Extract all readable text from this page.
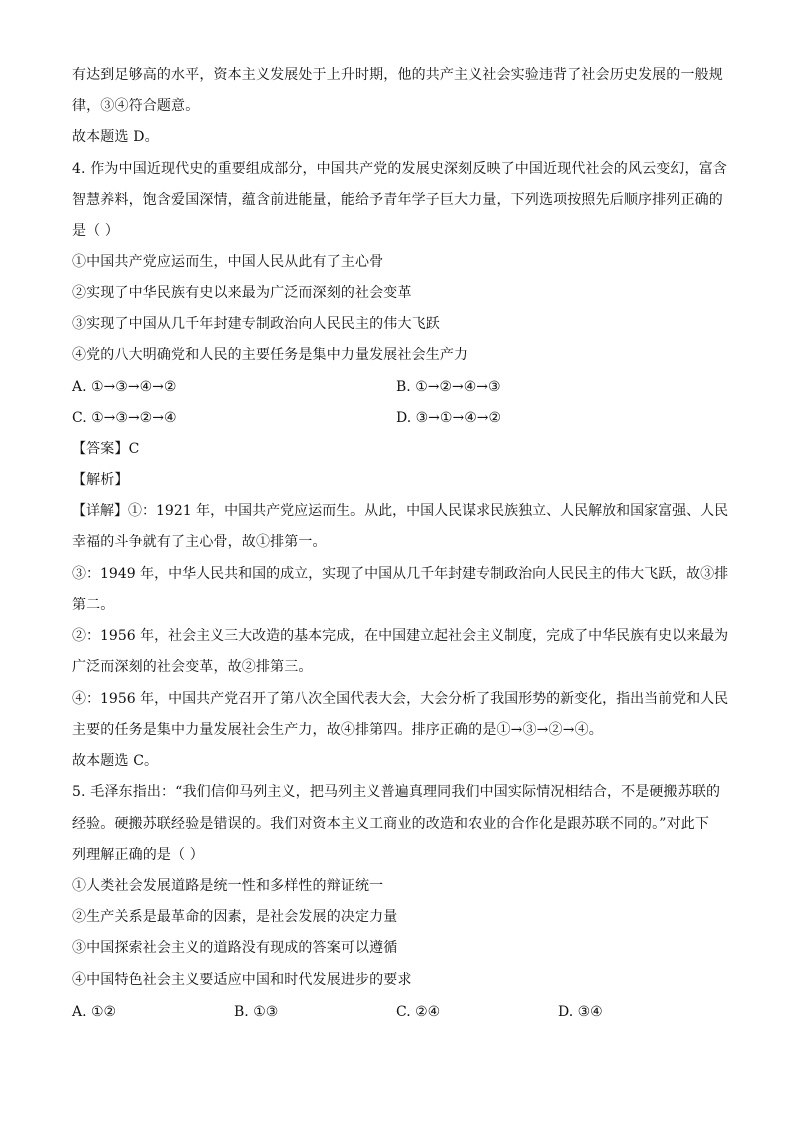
有达到足够高的水平，资本主义发展处于上升时期，他的共产主义社会实验违背了社会历史发展的一般规
律，③④符合题意。
故本题选 D。
4. 作为中国近现代史的重要组成部分，中国共产党的发展史深刻反映了中国近现代社会的风云变幻，富含
智慧养料，饱含爱国深情，蕴含前进能量，能给予青年学子巨大力量，下列选项按照先后顺序排列正确的
是（ ）
①中国共产党应运而生，中国人民从此有了主心骨
②实现了中华民族有史以来最为广泛而深刻的社会变革
③实现了中国从几千年封建专制政治向人民民主的伟大飞跃
④党的八大明确党和人民的主要任务是集中力量发展社会生产力
A. ①→③→④→②	B. ①→②→④→③
C. ①→③→②→④	D. ③→①→④→②
【答案】C
【解析】
【详解】①：1921 年，中国共产党应运而生。从此，中国人民谋求民族独立、人民解放和国家富强、人民
幸福的斗争就有了主心骨，故①排第一。
③：1949 年，中华人民共和国的成立，实现了中国从几千年封建专制政治向人民民主的伟大飞跃，故③排
第二。
②：1956 年，社会主义三大改造的基本完成，在中国建立起社会主义制度，完成了中华民族有史以来最为
广泛而深刻的社会变革，故②排第三。
④：1956 年，中国共产党召开了第八次全国代表大会，大会分析了我国形势的新变化，指出当前党和人民
主要的任务是集中力量发展社会生产力，故④排第四。排序正确的是①→③→②→④。
故本题选 C。
5. 毛泽东指出：“我们信仰马列主义，把马列主义普遍真理同我们中国实际情况相结合，不是硬搬苏联的
经验。硬搬苏联经验是错误的。我们对资本主义工商业的改造和农业的合作化是跟苏联不同的。”对此下
列理解正确的是（ ）
①人类社会发展道路是统一性和多样性的辩证统一
②生产关系是最革命的因素，是社会发展的决定力量
③中国探索社会主义的道路没有现成的答案可以遵循
④中国特色社会主义要适应中国和时代发展进步的要求
A. ①②	B. ①③	C. ②④	D. ③④
